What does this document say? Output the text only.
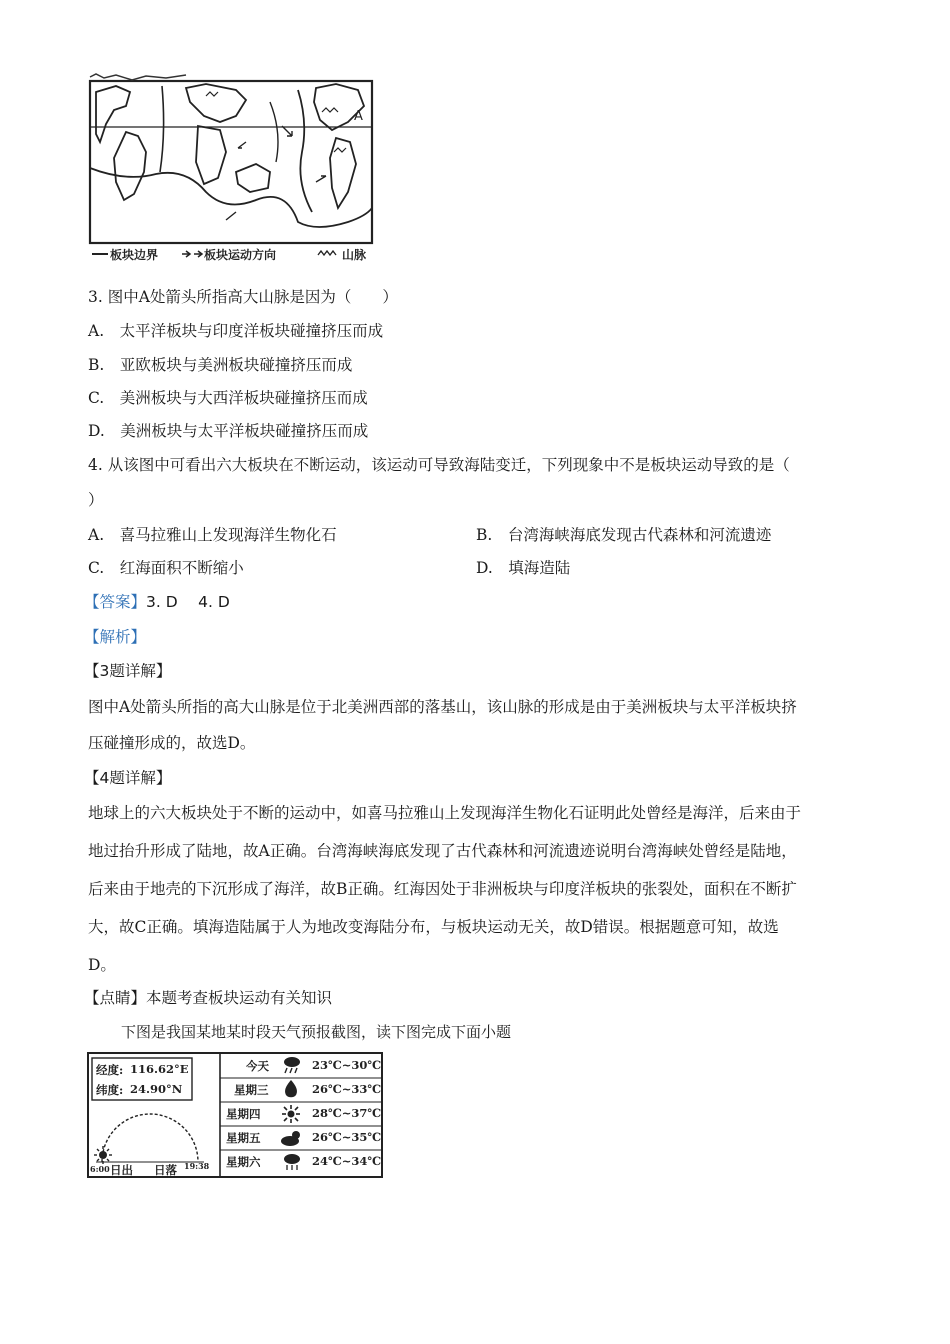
A
板块边界	板块运动方向	山脉
3. 图中A处箭头所指高大山脉是因为（　　）
A.　太平洋板块与印度洋板块碰撞挤压而成
B.　亚欧板块与美洲板块碰撞挤压而成
C.　美洲板块与大西洋板块碰撞挤压而成
D.　美洲板块与太平洋板块碰撞挤压而成
4. 从该图中可看出六大板块在不断运动，该运动可导致海陆变迁，下列现象中不是板块运动导致的是（
）
A.　喜马拉雅山上发现海洋生物化石	B.　台湾海峡海底发现古代森林和河流遗迹
C.　红海面积不断缩小	D.　填海造陆
【答案】3. D　 4. D
【解析】
【3题详解】
图中A处箭头所指的高大山脉是位于北美洲西部的落基山，该山脉的形成是由于美洲板块与太平洋板块挤
压碰撞形成的，故选D。
【4题详解】
地球上的六大板块处于不断的运动中，如喜马拉雅山上发现海洋生物化石证明此处曾经是海洋，后来由于
地过抬升形成了陆地，故A正确。台湾海峡海底发现了古代森林和河流遗迹说明台湾海峡处曾经是陆地，
后来由于地壳的下沉形成了海洋，故B正确。红海因处于非洲板块与印度洋板块的张裂处，面积在不断扩
大，故C正确。填海造陆属于人为地改变海陆分布，与板块运动无关，故D错误。根据题意可知，故选
D。
【点睛】本题考查板块运动有关知识
下图是我国某地某时段天气预报截图，读下图完成下面小题
经度: 116.62°E
纬度: 24.90°N
6:00 日出 日落 19:38
今天	23℃~30℃
星期三	26℃~33℃
星期四	28℃~37℃
星期五	26℃~35℃
星期六	24℃~34℃
